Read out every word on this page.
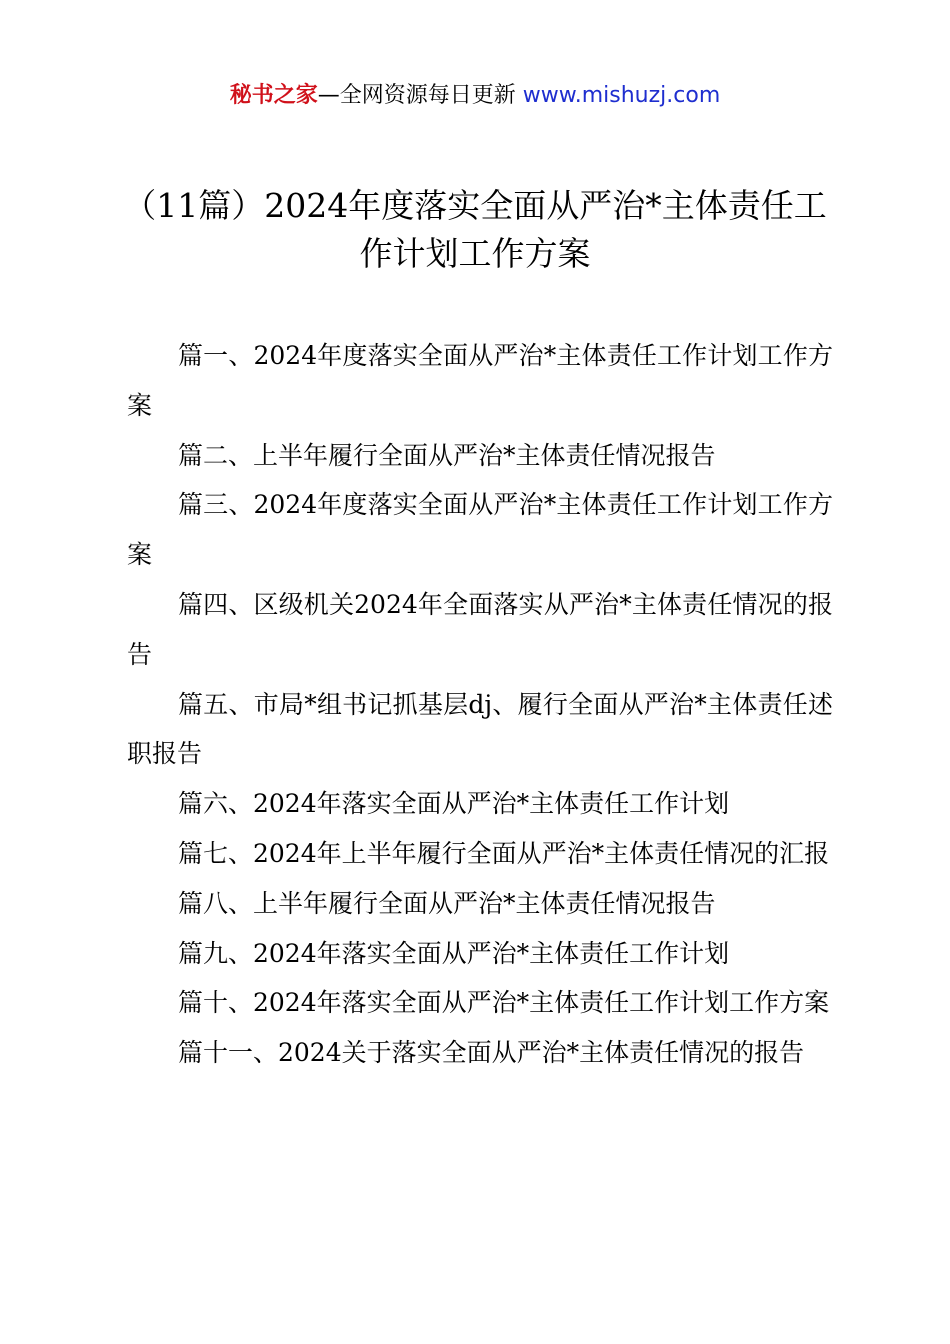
秘书之家—全网资源每日更新 www.mishuzj.com
（11篇）2024年度落实全面从严治*主体责任工作计划工作方案
篇一、2024年度落实全面从严治*主体责任工作计划工作方案
篇二、上半年履行全面从严治*主体责任情况报告
篇三、2024年度落实全面从严治*主体责任工作计划工作方案
篇四、区级机关2024年全面落实从严治*主体责任情况的报告
篇五、市局*组书记抓基层dj、履行全面从严治*主体责任述职报告
篇六、2024年落实全面从严治*主体责任工作计划
篇七、2024年上半年履行全面从严治*主体责任情况的汇报
篇八、上半年履行全面从严治*主体责任情况报告
篇九、2024年落实全面从严治*主体责任工作计划
篇十、2024年落实全面从严治*主体责任工作计划工作方案
篇十一、2024关于落实全面从严治*主体责任情况的报告
